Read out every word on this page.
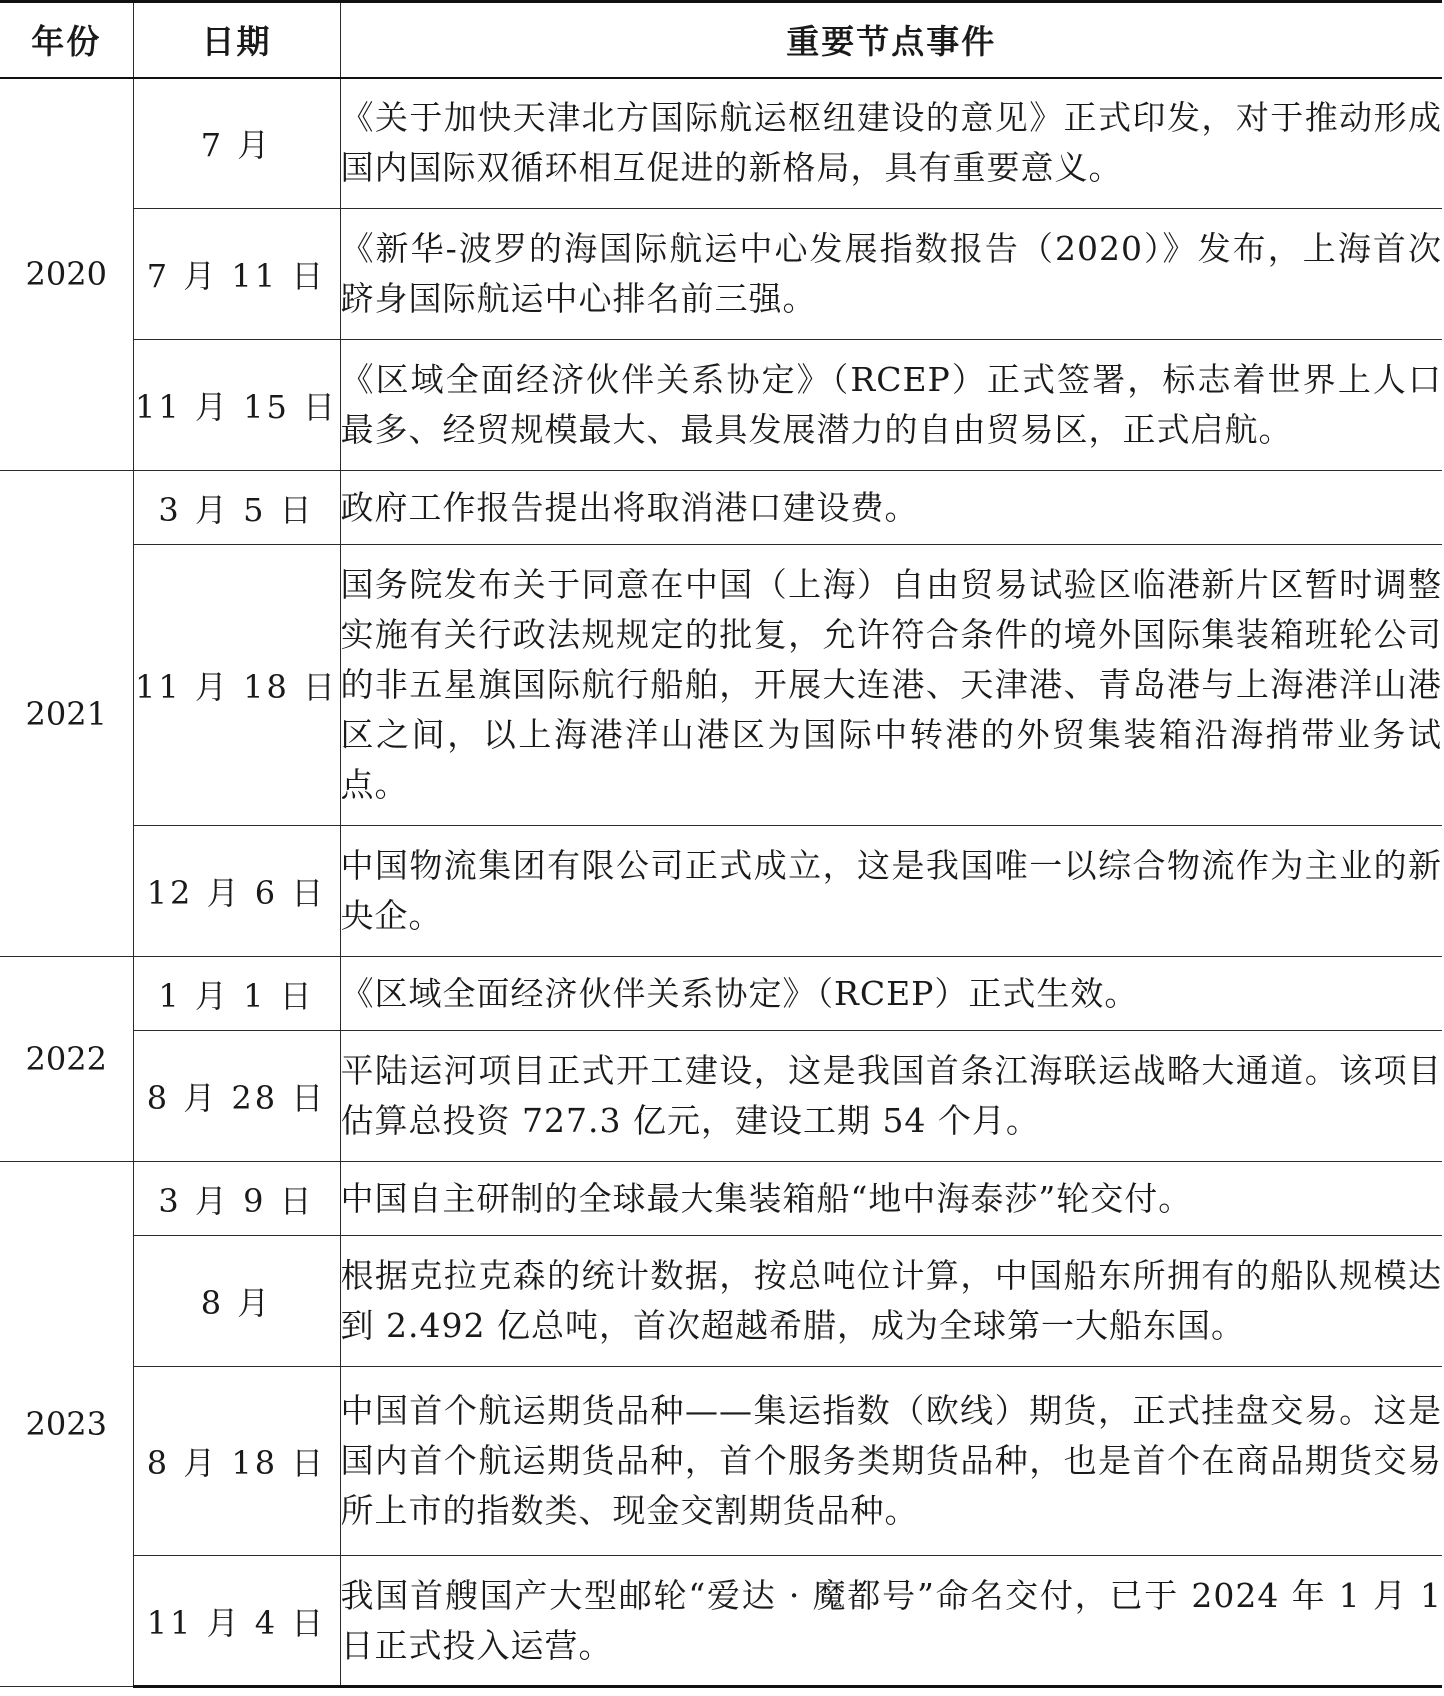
年份	日期	重要节点事件
2020	7 月	《关于加快天津北方国际航运枢纽建设的意见》正式印发，对于推动形成国内国际双循环相互促进的新格局，具有重要意义。
	7 月 11 日	《新华-波罗的海国际航运中心发展指数报告（2020）》发布，上海首次跻身国际航运中心排名前三强。
	11 月 15 日	《区域全面经济伙伴关系协定》（RCEP）正式签署，标志着世界上人口最多、经贸规模最大、最具发展潜力的自由贸易区，正式启航。
2021	3 月 5 日	政府工作报告提出将取消港口建设费。
	11 月 18 日	国务院发布关于同意在中国（上海）自由贸易试验区临港新片区暂时调整实施有关行政法规规定的批复，允许符合条件的境外国际集装箱班轮公司的非五星旗国际航行船舶，开展大连港、天津港、青岛港与上海港洋山港区之间，以上海港洋山港区为国际中转港的外贸集装箱沿海捎带业务试点。
	12 月 6 日	中国物流集团有限公司正式成立，这是我国唯一以综合物流作为主业的新央企。
2022	1 月 1 日	《区域全面经济伙伴关系协定》（RCEP）正式生效。
	8 月 28 日	平陆运河项目正式开工建设，这是我国首条江海联运战略大通道。该项目估算总投资 727.3 亿元，建设工期 54 个月。
2023	3 月 9 日	中国自主研制的全球最大集装箱船“地中海泰莎”轮交付。
	8 月	根据克拉克森的统计数据，按总吨位计算，中国船东所拥有的船队规模达到 2.492 亿总吨，首次超越希腊，成为全球第一大船东国。
	8 月 18 日	中国首个航运期货品种——集运指数（欧线）期货，正式挂盘交易。这是国内首个航运期货品种，首个服务类期货品种，也是首个在商品期货交易所上市的指数类、现金交割期货品种。
	11 月 4 日	我国首艘国产大型邮轮“爱达 · 魔都号”命名交付，已于 2024 年 1 月 1 日正式投入运营。
